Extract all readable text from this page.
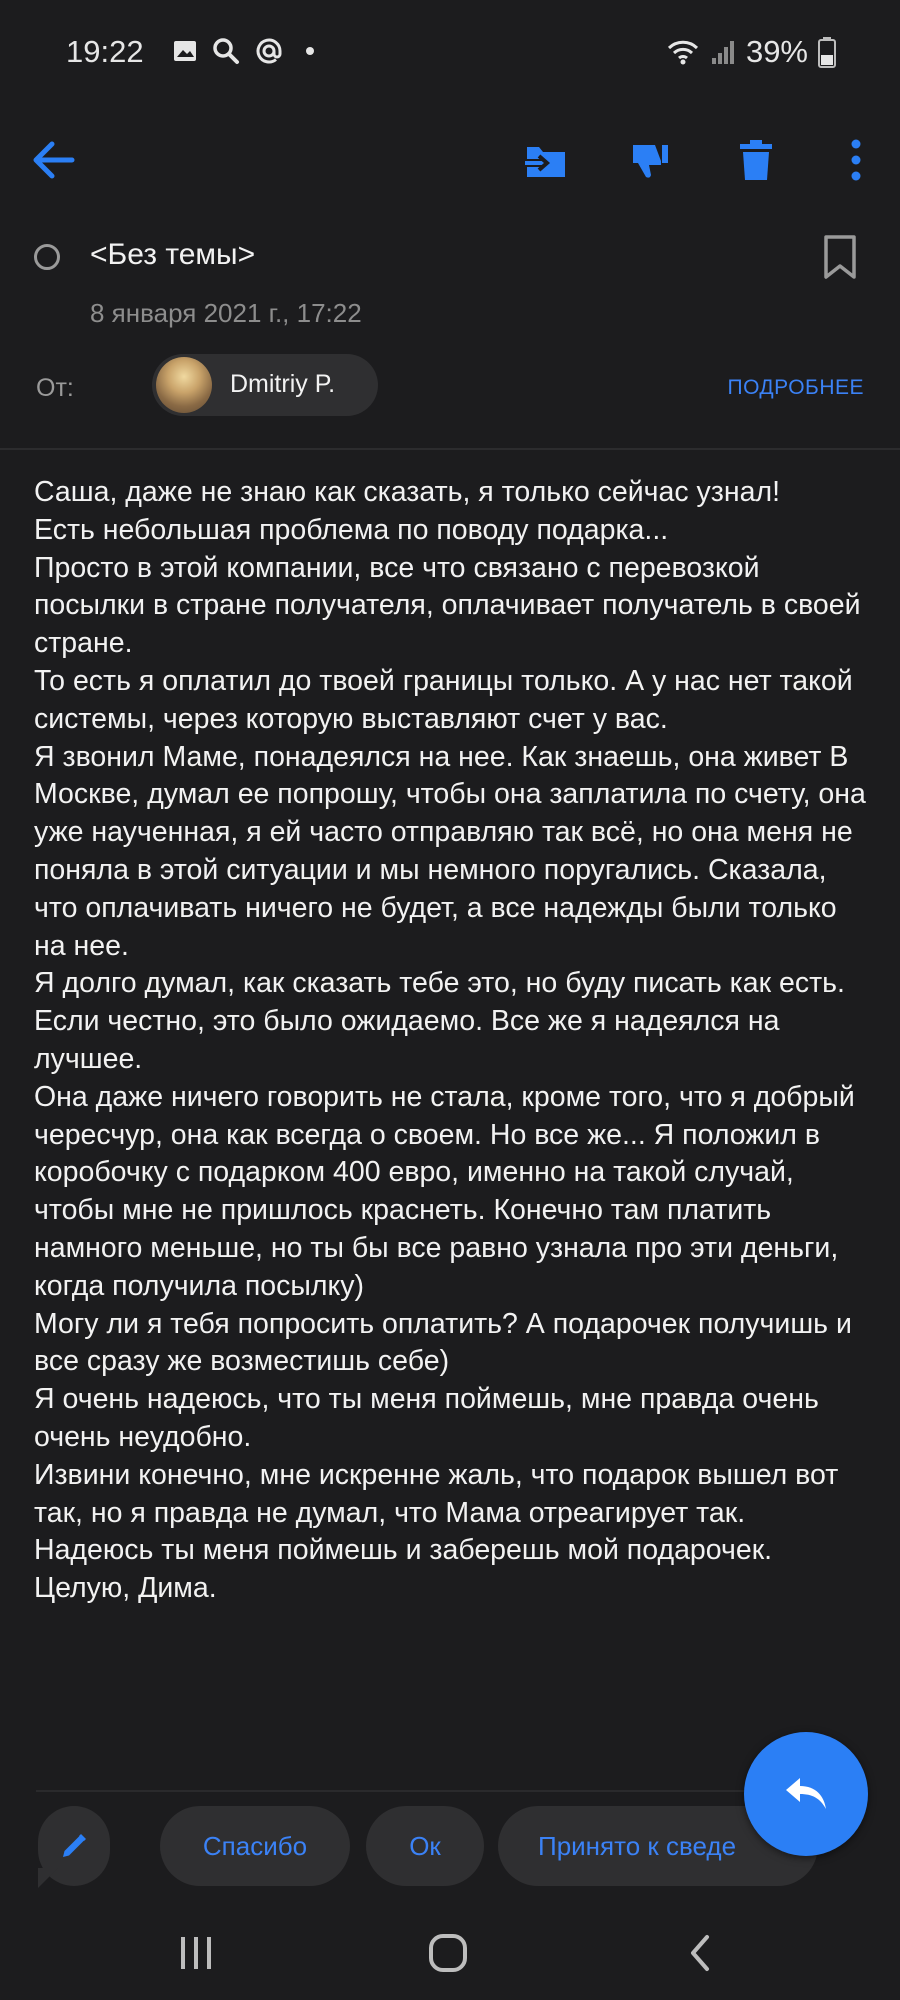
19:22	39%
<Без темы>
8 января 2021 г., 17:22
От:	Dmitriy P.	ПОДРОБНЕЕ

Саша, даже не знаю как сказать, я только сейчас узнал!

Есть небольшая проблема по поводу подарка...

Просто в этой компании, все что связано с перевозкой посылки в стране получателя, оплачивает получатель в своей стране.

То есть я оплатил до твоей границы только. А у нас нет такой системы, через которую выставляют счет у вас.

Я звонил Маме, понадеялся на нее. Как знаешь, она живет В Москве, думал ее попрошу, чтобы она заплатила по счету, она уже наученная, я ей часто отправляю так всё, но она меня не поняла в этой ситуации и мы немного поругались. Сказала, что оплачивать ничего не будет, а все надежды были только на нее.

Я долго думал, как сказать тебе это, но буду писать как есть. Если честно, это было ожидаемо. Все же я надеялся на лучшее.

Она даже ничего говорить не стала, кроме того, что я добрый чересчур, она как всегда о своем. Но все же... Я положил в коробочку с подарком 400 евро, именно на такой случай, чтобы мне не пришлось краснеть. Конечно там платить намного меньше, но ты бы все равно узнала про эти деньги, когда получила посылку)

Могу ли я тебя попросить оплатить? А подарочек получишь и все сразу же возместишь себе)

Я очень надеюсь, что ты меня поймешь, мне правда очень очень неудобно.

Извини конечно, мне искренне жаль, что подарок вышел вот так, но я правда не думал, что Мама отреагирует так.

Надеюсь ты меня поймешь и заберешь мой подарочек.

Целую, Дима.

Спасибо	Ок	Принято к сведе
